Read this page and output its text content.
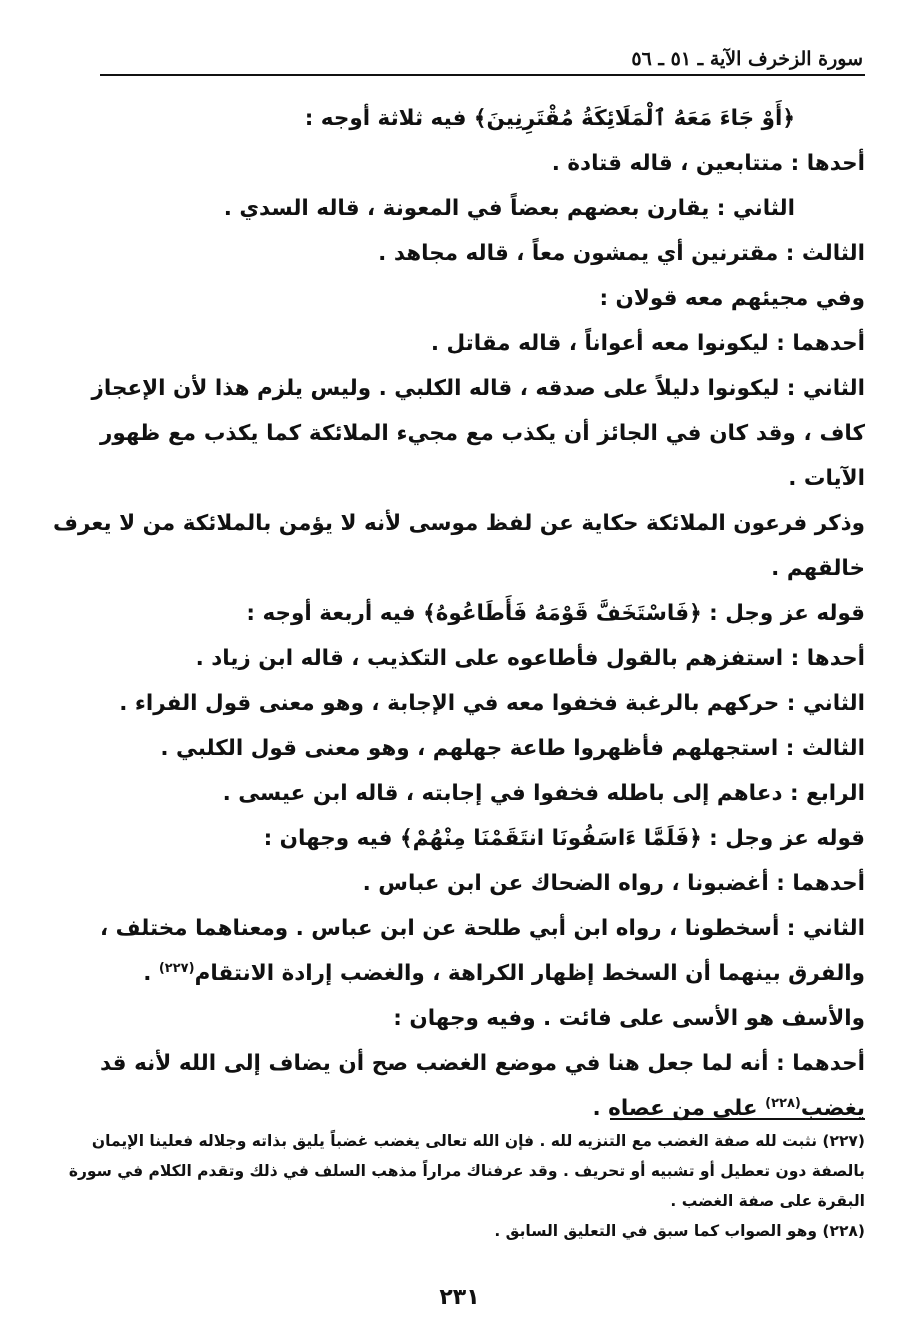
سورة الزخرف الآية ـ ٥١ ـ ٥٦
﴿أَوْ جَاءَ مَعَهُ ٱلْمَلَائِكَةُ مُقْتَرِنِينَ﴾ فيه ثلاثة أوجه :
أحدها : متتابعين ، قاله قتادة .
الثاني : يقارن بعضهم بعضاً في المعونة ، قاله السدي .
الثالث : مقترنين أي يمشون معاً ، قاله مجاهد .
وفي مجيئهم معه قولان :
أحدهما : ليكونوا معه أعواناً ، قاله مقاتل .
الثاني : ليكونوا دليلاً على صدقه ، قاله الكلبي . وليس يلزم هذا لأن الإعجاز
كاف ، وقد كان في الجائز أن يكذب مع مجيء الملائكة كما يكذب مع ظهور
الآيات .
وذكر فرعون الملائكة حكاية عن لفظ موسى لأنه لا يؤمن بالملائكة من لا يعرف
خالقهم .
قوله عز وجل : ﴿فَاسْتَخَفَّ قَوْمَهُ فَأَطَاعُوهُ﴾ فيه أربعة أوجه :
أحدها : استفزهم بالقول فأطاعوه على التكذيب ، قاله ابن زياد .
الثاني : حركهم بالرغبة فخفوا معه في الإجابة ، وهو معنى قول الفراء .
الثالث : استجهلهم فأظهروا طاعة جهلهم ، وهو معنى قول الكلبي .
الرابع : دعاهم إلى باطله فخفوا في إجابته ، قاله ابن عيسى .
قوله عز وجل : ﴿فَلَمَّا ءَاسَفُونَا انتَقَمْنَا مِنْهُمْ﴾ فيه وجهان :
أحدهما : أغضبونا ، رواه الضحاك عن ابن عباس .
الثاني : أسخطونا ، رواه ابن أبي طلحة عن ابن عباس . ومعناهما مختلف ،
والفرق بينهما أن السخط إظهار الكراهة ، والغضب إرادة الانتقام$^{(٢٢٧)}$ .
والأسف هو الأسى على فائت . وفيه وجهان :
أحدهما : أنه لما جعل هنا في موضع الغضب صح أن يضاف إلى الله لأنه قد
يغضب$^{(٢٢٨)}$ على من عصاه .
(٢٢٧) نثبت لله صفة الغضب مع التنزيه لله . فإن الله تعالى يغضب غضباً يليق بذاته وجلاله فعلينا الإيمان
بالصفة دون تعطيل أو تشبيه أو تحريف . وقد عرفناك مراراً مذهب السلف في ذلك وتقدم الكلام في سورة
البقرة على صفة الغضب .
(٢٢٨) وهو الصواب كما سبق في التعليق السابق .
٢٣١
